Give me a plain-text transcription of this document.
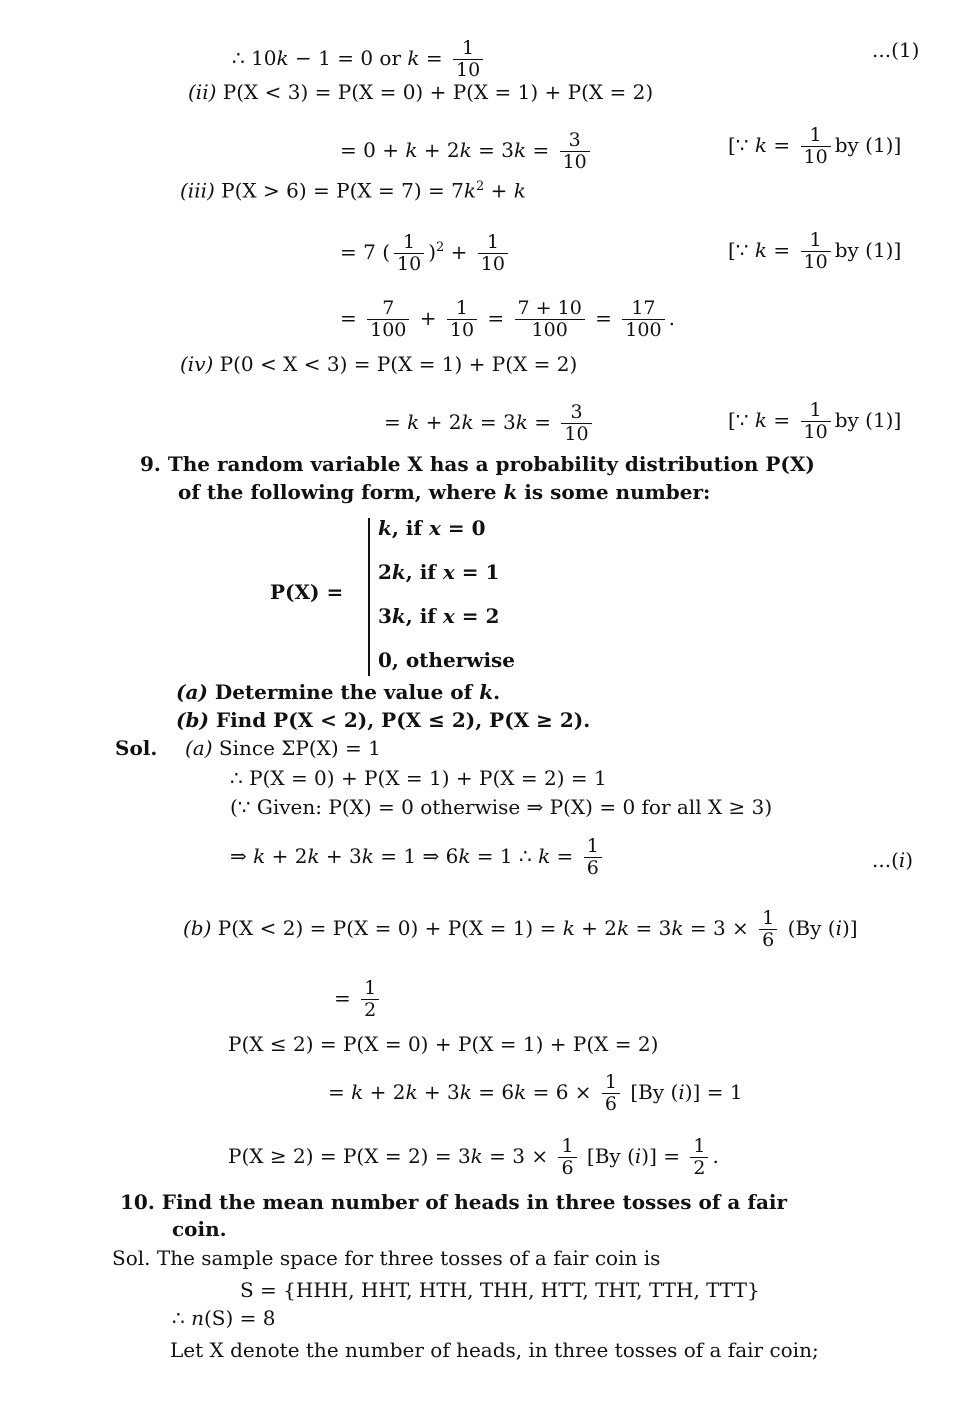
∴ 10k − 1 = 0 or $k = \frac{1}{10}$	...(1)
(ii) P(X < 3) = P(X = 0) + P(X = 1) + P(X = 2)
= $0 + k + 2k = 3k = \frac{3}{10}$	[∵ $k = \frac{1}{10}$ by (1)]
(iii) $P(X > 6) = P(X = 7) = 7k^2 + k$
= 7 ( $\frac{1}{10} )^2 + \frac{1}{10}$	[∵ $k = \frac{1}{10}$ by (1)]
= $\frac{7}{100} + \frac{1}{10} = \frac{7 + 10}{100} = \frac{17}{100}$ .
(iv) P(0 < X < 3) = P(X = 1) + P(X = 2)
= $k + 2k = 3k = \frac{3}{10}$	[∵ $k = \frac{1}{10}$ by (1)]
9. The random variable X has a probability distribution P(X)
of the following form, where k is some number:
P(X) =
k, if x = 0
2k, if x = 1
3k, if x = 2
0, otherwise
(a) Determine the value of k.
(b) Find P(X < 2), P(X ≤ 2), P(X ≥ 2).
Sol. (a) Since ΣP(X) = 1
∴ P(X = 0) + P(X = 1) + P(X = 2) = 1
(∵ Given: P(X) = 0 otherwise ⇒ P(X) = 0 for all X ≥ 3)
⇒ k + 2k + 3k = 1 ⇒ 6k = 1 ∴ $k = \frac{1}{6}$	...(i)
(b) $P(X < 2) = P(X = 0) + P(X = 1) = k + 2k = 3k = 3 \times \frac{1}{6} (By$ (i)]
= $\frac{1}{2}$
P(X ≤ 2) = P(X = 0) + P(X = 1) + P(X = 2)
= $k + 2k + 3k = 6k = 6 \times \frac{1}{6} [By$ (i)] = 1
$P(X \ge 2) = P(X = 2) = 3k = 3 \times \frac{1}{6} [By$ $(i)] = \frac{1}{2}$ .
10. Find the mean number of heads in three tosses of a fair
coin.
Sol. The sample space for three tosses of a fair coin is
S = {HHH, HHT, HTH, THH, HTT, THT, TTH, TTT}
∴ n(S) = 8
Let X denote the number of heads, in three tosses of a fair coin;
